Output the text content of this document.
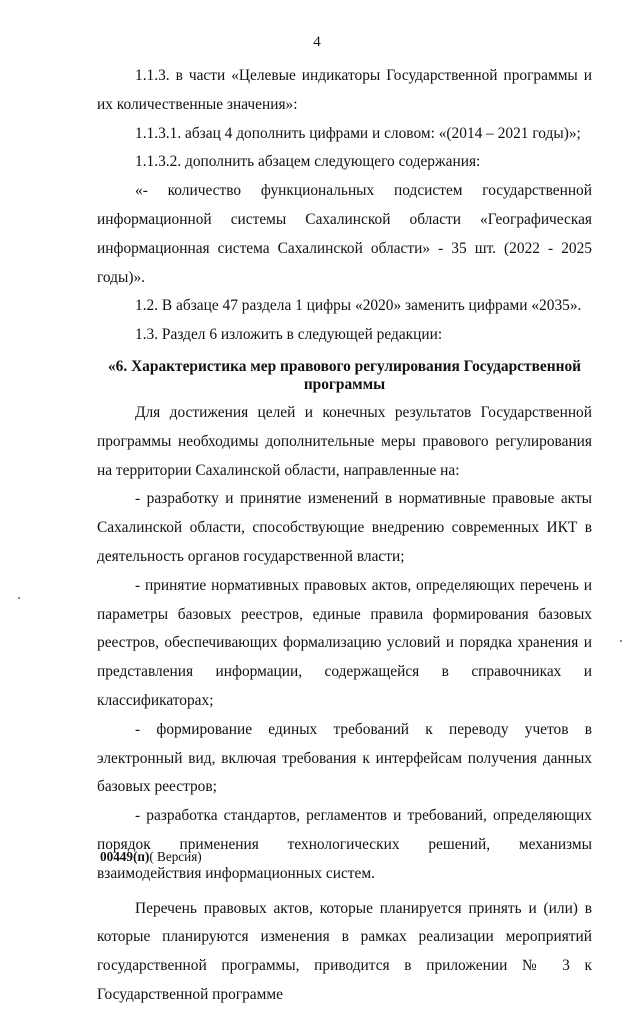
4

1.1.3. в части «Целевые индикаторы Государственной программы и их количественные значения»:

1.1.3.1. абзац 4 дополнить цифрами и словом: «(2014 – 2021 годы)»;

1.1.3.2. дополнить абзацем следующего содержания:

«- количество функциональных подсистем государственной информационной системы Сахалинской области «Географическая информационная система Сахалинской области» - 35 шт. (2022 - 2025 годы)».

1.2. В абзаце 47 раздела 1 цифры «2020» заменить цифрами «2035».

1.3. Раздел 6 изложить в следующей редакции:

«6. Характеристика мер правового регулирования Государственной программы

Для достижения целей и конечных результатов Государственной программы необходимы дополнительные меры правового регулирования на территории Сахалинской области, направленные на:

- разработку и принятие изменений в нормативные правовые акты Сахалинской области, способствующие внедрению современных ИКТ в деятельность органов государственной власти;

- принятие нормативных правовых актов, определяющих перечень и параметры базовых реестров, единые правила формирования базовых реестров, обеспечивающих формализацию условий и порядка хранения и представления информации, содержащейся в справочниках и классификаторах;

- формирование единых требований к переводу учетов в электронный вид, включая требования к интерфейсам получения данных базовых реестров;

- разработка стандартов, регламентов и требований, определяющих порядок применения технологических решений, механизмы взаимодействия информационных систем.

Перечень правовых актов, которые планируется принять и (или) в которые планируются изменения в рамках реализации мероприятий государственной программы, приводится в приложении № 3 к Государственной программе

00449(п)( Версия)
